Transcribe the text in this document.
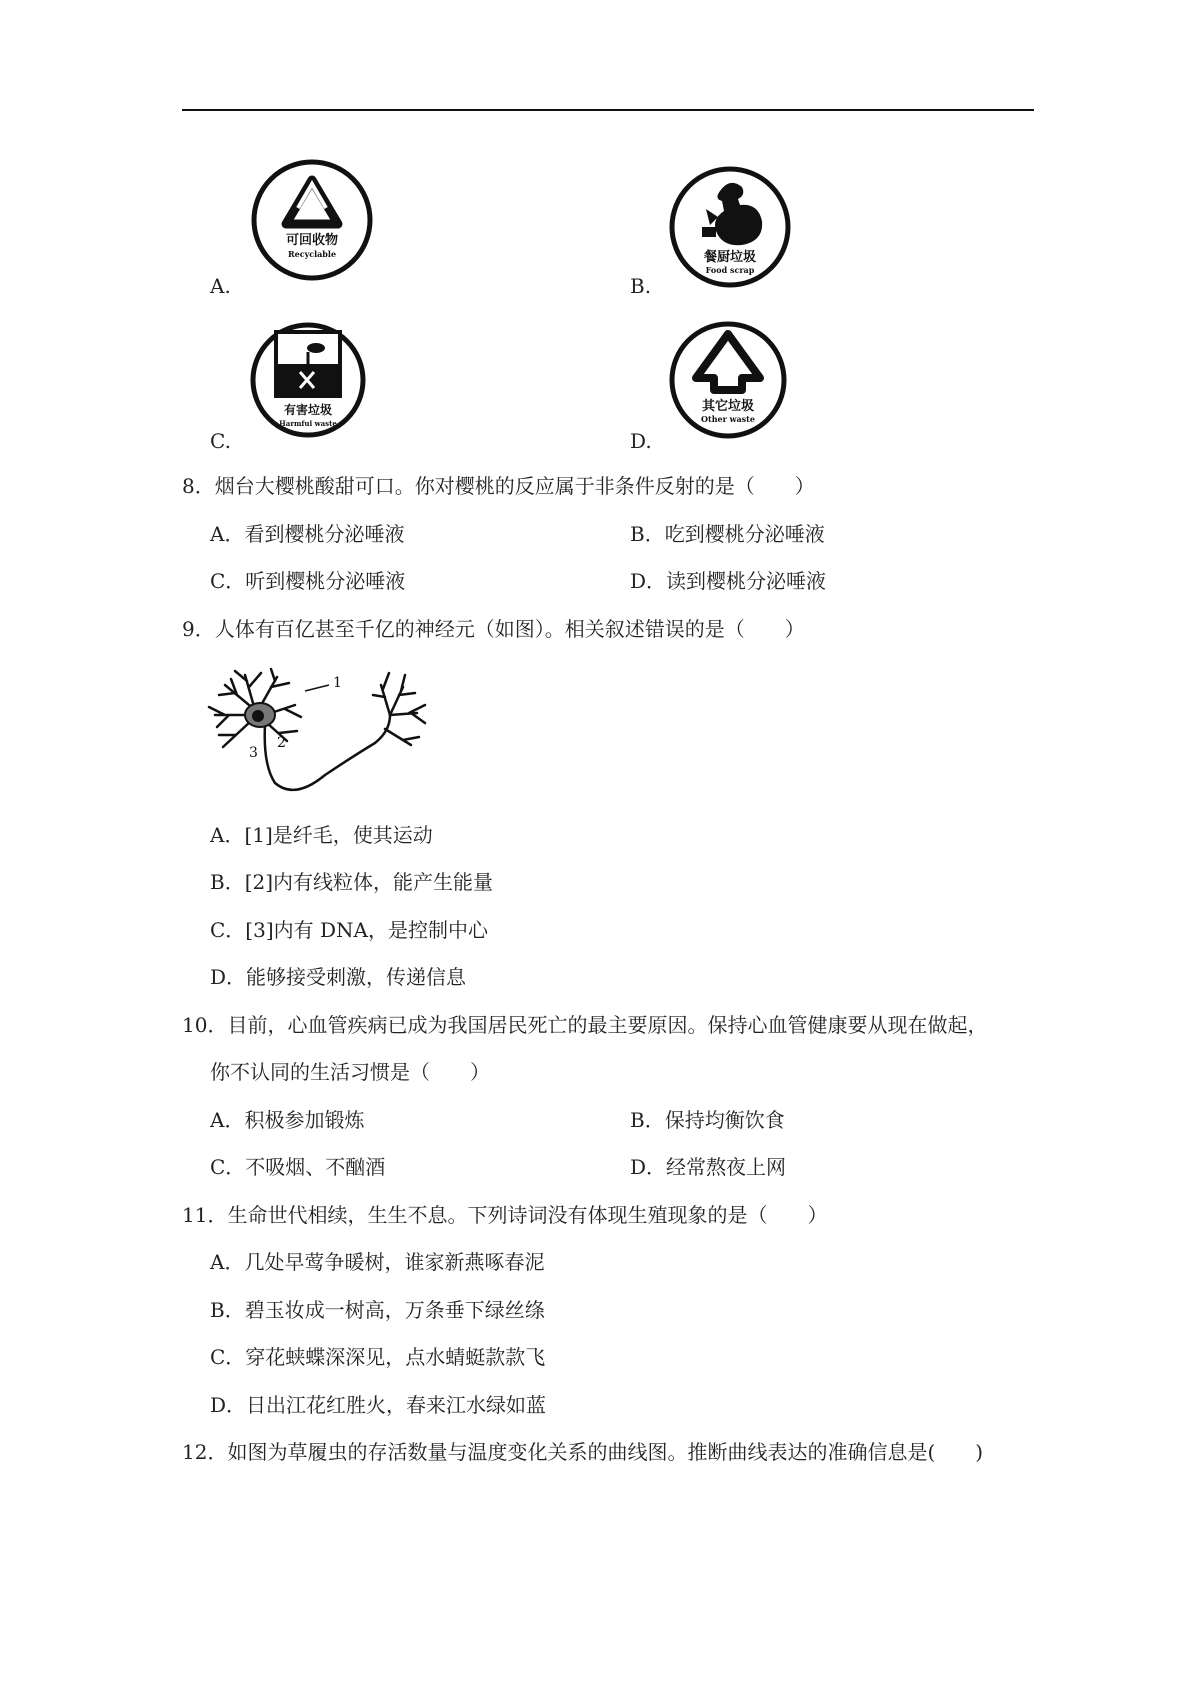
可回收物
Recyclable
A.
餐厨垃圾
Food scrap
B.
有害垃圾
Harmful waste
C.
其它垃圾
Other waste
D.
8．烟台大樱桃酸甜可口。你对樱桃的反应属于非条件反射的是（　　）
A．看到樱桃分泌唾液	B．吃到樱桃分泌唾液
C．听到樱桃分泌唾液	D．读到樱桃分泌唾液
9．人体有百亿甚至千亿的神经元（如图）。相关叙述错误的是（　　）
1
2
3
A．[1]是纤毛，使其运动
B．[2]内有线粒体，能产生能量
C．[3]内有 DNA，是控制中心
D．能够接受刺激，传递信息
10．目前，心血管疾病已成为我国居民死亡的最主要原因。保持心血管健康要从现在做起，
你不认同的生活习惯是（　　）
A．积极参加锻炼	B．保持均衡饮食
C．不吸烟、不酗酒	D．经常熬夜上网
11．生命世代相续，生生不息。下列诗词没有体现生殖现象的是（　　）
A．几处早莺争暖树，谁家新燕啄春泥
B．碧玉妆成一树高，万条垂下绿丝绦
C．穿花蛱蝶深深见，点水蜻蜓款款飞
D．日出江花红胜火，春来江水绿如蓝
12．如图为草履虫的存活数量与温度变化关系的曲线图。推断曲线表达的准确信息是(　　)
